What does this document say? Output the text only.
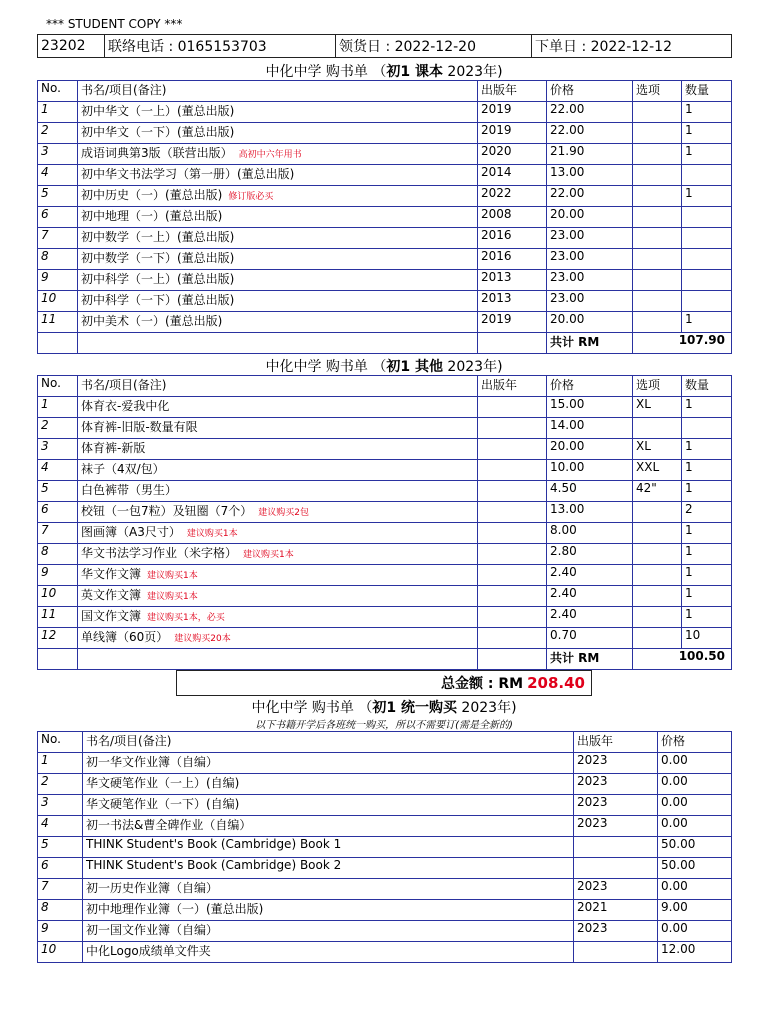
*** STUDENT COPY ***
23202	联络电话 : 0165153703	领货日 : 2022-12-20	下单日 : 2022-12-12
中化中学 购书单 （初1 课本 2023年)
No.	书名/项目(备注)	出版年	价格	选项	数量
1	初中华文（一上）(董总出版)	2019	22.00		1
2	初中华文（一下）(董总出版)	2019	22.00		1
3	成语词典第3版（联营出版） 高初中六年用书	2020	21.90		1
4	初中华文书法学习（第一册）(董总出版)	2014	13.00		
5	初中历史（一）(董总出版) 修订版必买	2022	22.00		1
6	初中地理（一）(董总出版)	2008	20.00		
7	初中数学（一上）(董总出版)	2016	23.00		
8	初中数学（一下）(董总出版)	2016	23.00		
9	初中科学（一上）(董总出版)	2013	23.00		
10	初中科学（一下）(董总出版)	2013	23.00		
11	初中美术（一）(董总出版)	2019	20.00		1
			共计 RM	107.90	
中化中学 购书单 （初1 其他 2023年)
No.	书名/项目(备注)	出版年	价格	选项	数量
1	体育衣-爱我中化		15.00	XL	1
2	体育裤-旧版-数量有限		14.00		
3	体育裤-新版		20.00	XL	1
4	袜子（4双/包）		10.00	XXL	1
5	白色裤带（男生）		4.50	42"	1
6	校钮（一包7粒）及钮圈（7个） 建议购买2包		13.00		2
7	图画簿（A3尺寸） 建议购买1本		8.00		1
8	华文书法学习作业（米字格） 建议购买1本		2.80		1
9	华文作文簿 建议购买1本		2.40		1
10	英文作文簿 建议购买1本		2.40		1
11	国文作文簿 建议购买1本，必买		2.40		1
12	单线簿（60页） 建议购买20本		0.70		10
			共计 RM	100.50	
总金额 : RM 208.40
中化中学 购书单 （初1 统一购买 2023年)
以下书籍开学后各班统一购买，所以不需要订(需是全新的)
No.	书名/项目(备注)	出版年	价格
1	初一华文作业簿（自编）	2023	0.00
2	华文硬笔作业（一上）(自编)	2023	0.00
3	华文硬笔作业（一下）(自编)	2023	0.00
4	初一书法&曹全碑作业（自编）	2023	0.00
5	THINK Student's Book (Cambridge) Book 1		50.00
6	THINK Student's Book (Cambridge) Book 2		50.00
7	初一历史作业簿（自编）	2023	0.00
8	初中地理作业簿（一）(董总出版)	2021	9.00
9	初一国文作业簿（自编）	2023	0.00
10	中化Logo成绩单文件夹		12.00
